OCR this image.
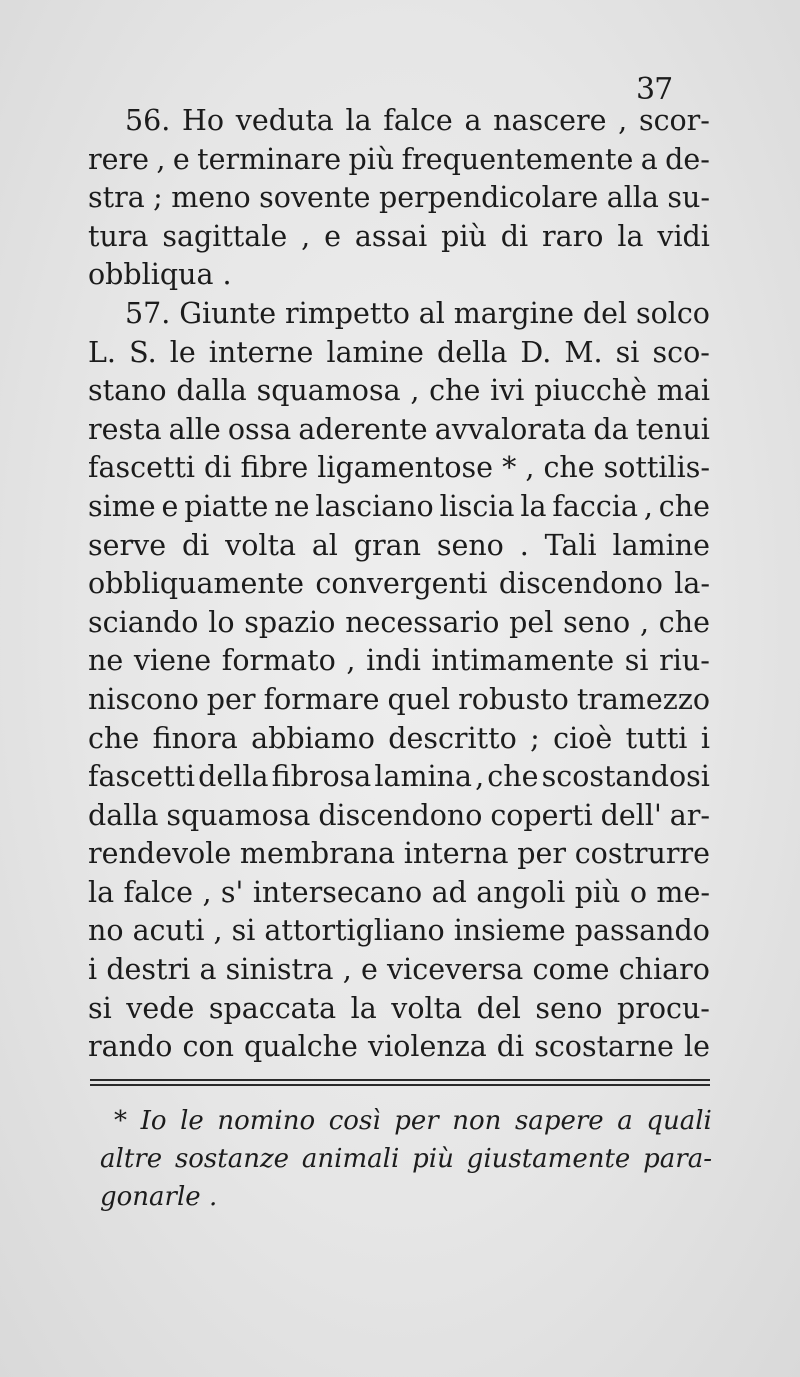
37
56. Ho veduta la falce a nascere , scor-
rere , e terminare più frequentemente a de-
stra ; meno sovente perpendicolare alla su-
tura sagittale , e assai più di raro la vidi
obbliqua .
57. Giunte rimpetto al margine del solco
L. S. le interne lamine della D. M. si sco-
stano dalla squamosa , che ivi piucchè mai
resta alle ossa aderente avvalorata da tenui
fascetti di fibre ligamentose * , che sottilis-
sime e piatte ne lasciano liscia la faccia , che
serve di volta al gran seno . Tali lamine
obbliquamente convergenti discendono la-
sciando lo spazio necessario pel seno , che
ne viene formato , indi intimamente si riu-
niscono per formare quel robusto tramezzo
che finora abbiamo descritto ; cioè tutti i
fascetti della fibrosa lamina , che scostandosi
dalla squamosa discendono coperti dell' ar-
rendevole membrana interna per costrurre
la falce , s' intersecano ad angoli più o me-
no acuti , si attortigliano insieme passando
i destri a sinistra , e viceversa come chiaro
si vede spaccata la volta del seno procu-
rando con qualche violenza di scostarne le
* Io le nomino così per non sapere a quali
altre sostanze animali più giustamente para-
gonarle .
